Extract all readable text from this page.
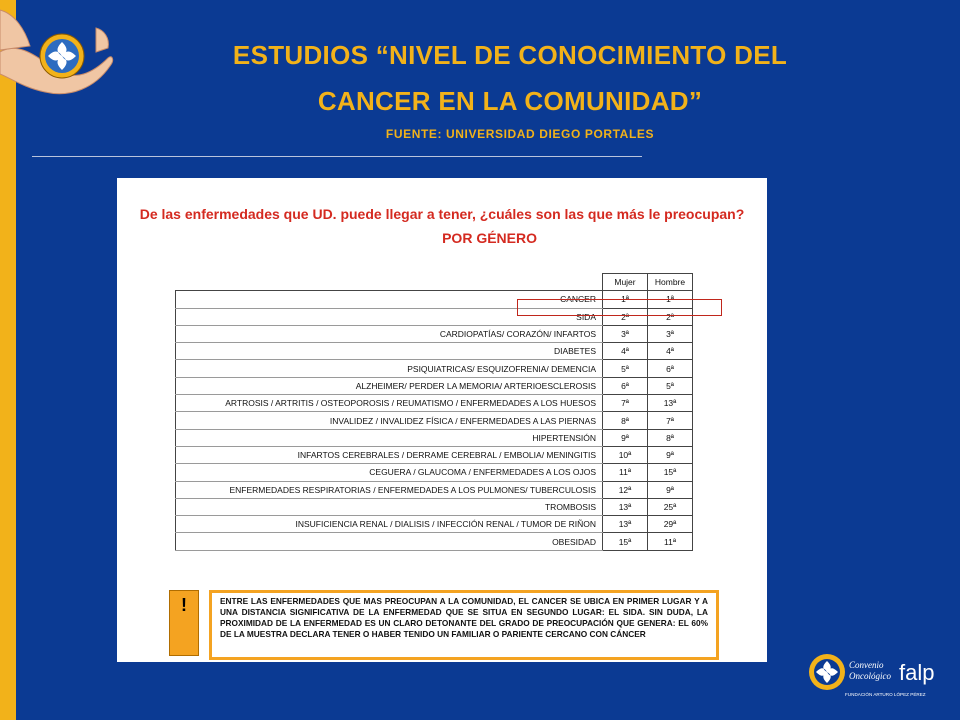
ESTUDIOS “NIVEL DE CONOCIMIENTO DEL
CANCER EN LA COMUNIDAD”
FUENTE: UNIVERSIDAD DIEGO PORTALES
De las enfermedades que UD. puede llegar a tener, ¿cuáles son las que más le preocupan?
POR GÉNERO
	Mujer	Hombre
CANCER	1ª	1ª
SIDA	2ª	2ª
CARDIOPATÍAS/ CORAZÓN/ INFARTOS	3ª	3ª
DIABETES	4ª	4ª
PSIQUIATRICAS/ ESQUIZOFRENIA/ DEMENCIA	5ª	6ª
ALZHEIMER/ PERDER LA MEMORIA/ ARTERIOESCLEROSIS	6ª	5ª
ARTROSIS / ARTRITIS / OSTEOPOROSIS / REUMATISMO / ENFERMEDADES A LOS HUESOS	7ª	13ª
INVALIDEZ / INVALIDEZ FÍSICA / ENFERMEDADES A LAS PIERNAS	8ª	7ª
HIPERTENSIÓN	9ª	8ª
INFARTOS CEREBRALES / DERRAME CEREBRAL / EMBOLIA/ MENINGITIS	10ª	9ª
CEGUERA / GLAUCOMA / ENFERMEDADES A LOS OJOS	11ª	15ª
ENFERMEDADES RESPIRATORIAS / ENFERMEDADES A LOS PULMONES/ TUBERCULOSIS	12ª	9ª
TROMBOSIS	13ª	25ª
INSUFICIENCIA RENAL / DIALISIS / INFECCIÓN RENAL / TUMOR DE RIÑON	13ª	29ª
OBESIDAD	15ª	11ª
!	ENTRE LAS ENFERMEDADES QUE MAS PREOCUPAN A LA COMUNIDAD, EL CANCER SE UBICA EN PRIMER LUGAR Y A UNA DISTANCIA SIGNIFICATIVA DE LA ENFERMEDAD QUE SE SITUA EN SEGUNDO LUGAR: EL SIDA. SIN DUDA, LA PROXIMIDAD DE LA ENFERMEDAD ES UN CLARO DETONANTE DEL GRADO DE PREOCUPACIÓN QUE GENERA: EL 60% DE LA MUESTRA DECLARA TENER O HABER TENIDO UN FAMILIAR O PARIENTE CERCANO CON CÁNCER
Convenio
Oncológico falp
FUNDACIÓN ARTURO LÓPEZ PÉREZ
